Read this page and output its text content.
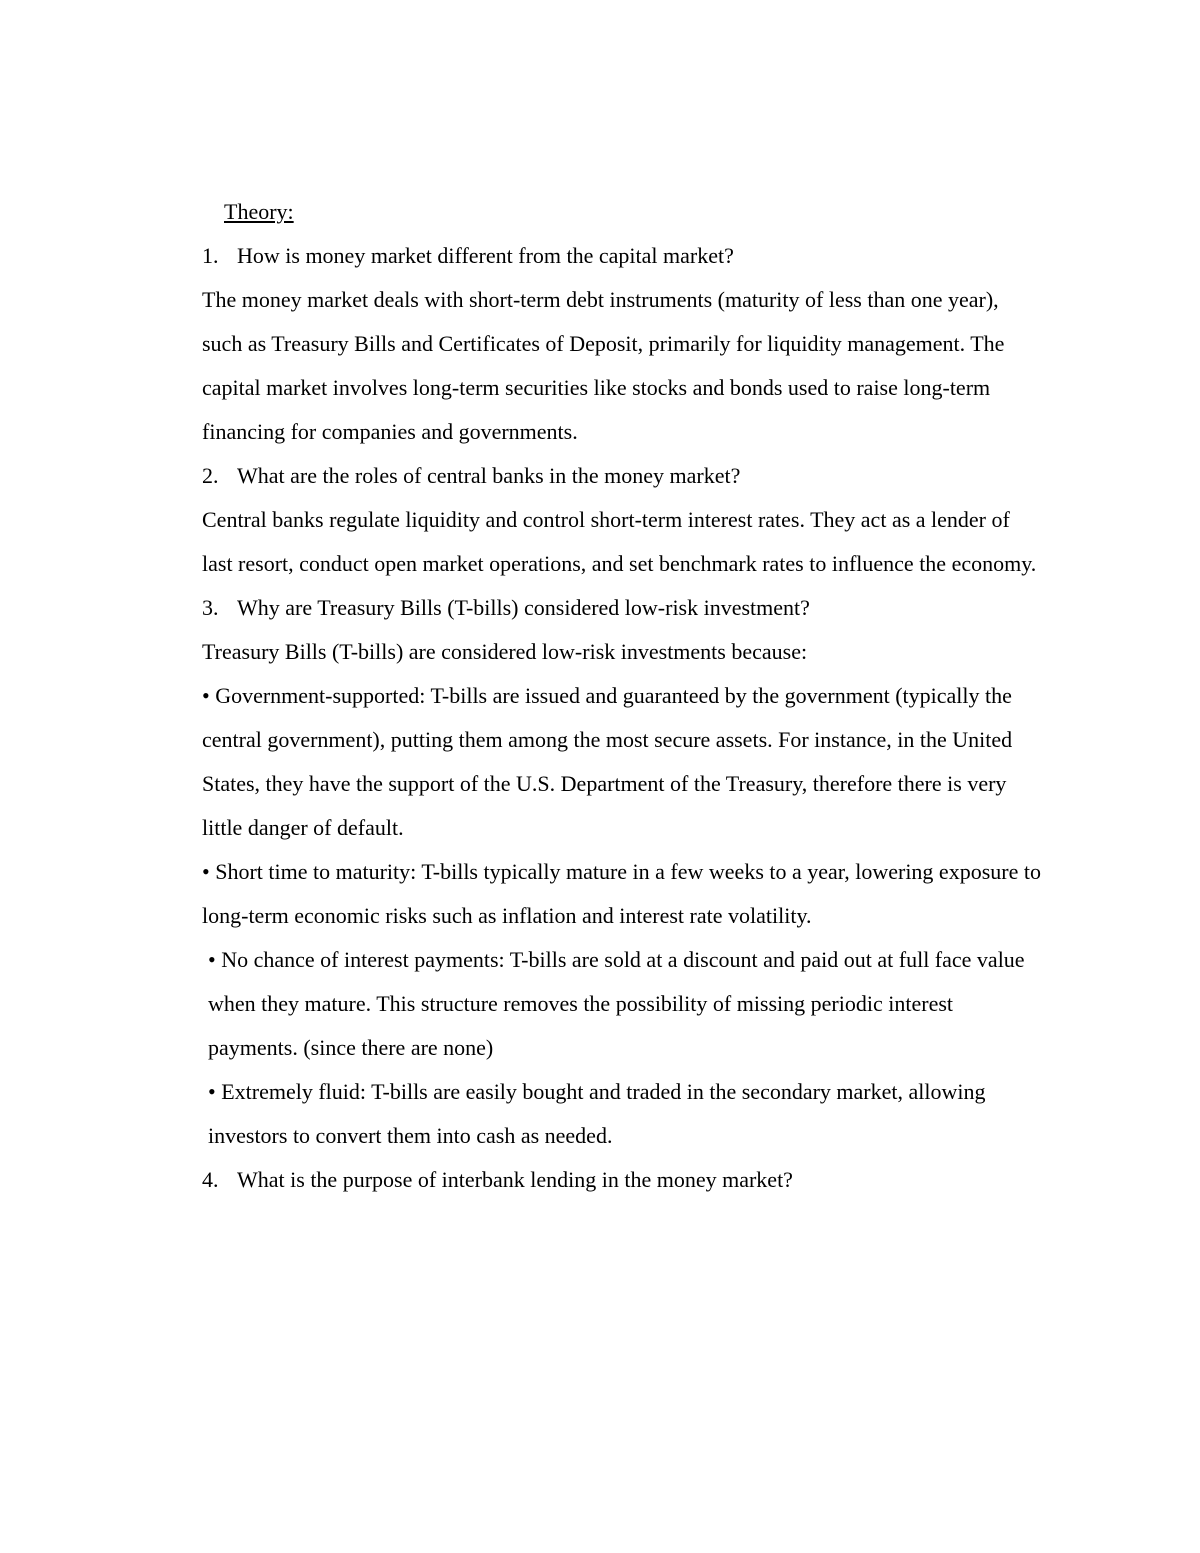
Theory:
1. How is money market different from the capital market?

The money market deals with short-term debt instruments (maturity of less than one year), such as Treasury Bills and Certificates of Deposit, primarily for liquidity management. The capital market involves long-term securities like stocks and bonds used to raise long-term financing for companies and governments.

2. What are the roles of central banks in the money market?

Central banks regulate liquidity and control short-term interest rates. They act as a lender of last resort, conduct open market operations, and set benchmark rates to influence the economy.

3. Why are Treasury Bills (T-bills) considered low-risk investment?

Treasury Bills (T-bills) are considered low-risk investments because:

• Government-supported: T-bills are issued and guaranteed by the government (typically the central government), putting them among the most secure assets. For instance, in the United States, they have the support of the U.S. Department of the Treasury, therefore there is very little danger of default.

• Short time to maturity: T-bills typically mature in a few weeks to a year, lowering exposure to long-term economic risks such as inflation and interest rate volatility.

• No chance of interest payments: T-bills are sold at a discount and paid out at full face value when they mature. This structure removes the possibility of missing periodic interest payments. (since there are none)

• Extremely fluid: T-bills are easily bought and traded in the secondary market, allowing investors to convert them into cash as needed.

4. What is the purpose of interbank lending in the money market?
